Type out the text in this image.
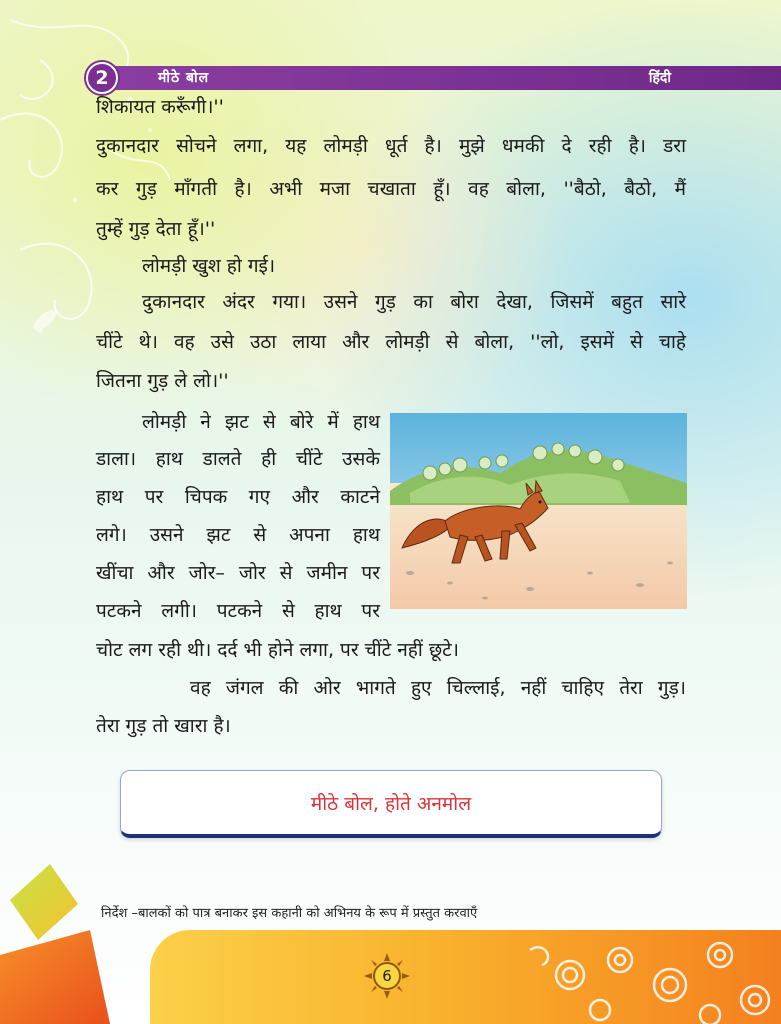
2	मीठे बोल	हिंदी
शिकायत करूँगी।''
दुकानदार सोचने लगा, यह लोमड़ी धूर्त है। मुझे धमकी दे रही है। डरा
कर गुड़ माँगती है। अभी मजा चखाता हूँ। वह बोला, ''बैठो, बैठो, मैं
तुम्हें गुड़ देता हूँ।''
लोमड़ी खुश हो गई।
दुकानदार अंदर गया। उसने गुड़ का बोरा देखा, जिसमें बहुत सारे
चींटे थे। वह उसे उठा लाया और लोमड़ी से बोला, ''लो, इसमें से चाहे
जितना गुड़ ले लो।''
लोमड़ी ने झट से बोरे में हाथ
डाला। हाथ डालते ही चींटे उसके
हाथ पर चिपक गए और काटने
लगे। उसने झट से अपना हाथ
खींचा और जोर– जोर से जमीन पर
पटकने लगी। पटकने से हाथ पर
चोट लग रही थी। दर्द भी होने लगा, पर चींटे नहीं छूटे।
वह जंगल की ओर भागते हुए चिल्लाई, नहीं चाहिए तेरा गुड़।
तेरा गुड़ तो खारा है।
मीठे बोल, होते अनमोल
निर्देश –बालकों को पात्र बनाकर इस कहानी को अभिनय के रूप में प्रस्तुत करवाएँ
6
